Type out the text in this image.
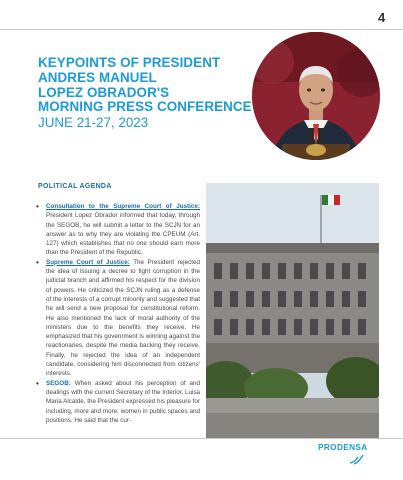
4
KEYPOINTS OF PRESIDENT
ANDRES MANUEL
LOPEZ OBRADOR'S
MORNING PRESS CONFERENCE
JUNE 21-27, 2023
POLITICAL AGENDA

• Consultation to the Supreme Court of Justice: President Lopez Obrador informed that today, through the SEGOB, he will submit a letter to the SCJN for an answer as to why they are violating the CPEUM (Art. 127) which establishes that no one should earn more than the President of the Republic.

• Supreme Court of Justice: The President rejected the idea of issuing a decree to fight corruption in the judicial branch and affirmed his respect for the division of powers. He criticized the SCJN ruling as a defense of the interests of a corrupt minority and suggested that he will send a new proposal for constitutional reform. He also mentioned the lack of moral authority of the ministers due to the benefits they receive. He emphasized that his government is winning against the reactionaries, despite the media backing they receive. Finally, he rejected the idea of an independent candidate, considering him disconnected from citizens' interests.

• SEGOB: When asked about his perception of and dealings with the current Secretary of the Interior, Luisa Maria Alcalde, the President expressed his pleasure for including, more and more, women in public spaces and positions. He said that the cur-

PRODENSA
